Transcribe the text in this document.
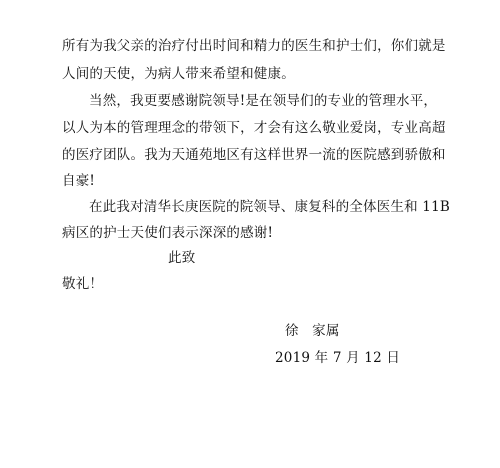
所有为我父亲的治疗付出时间和精力的医生和护士们，你们就是
人间的天使，为病人带来希望和健康。
当然，我更要感谢院领导!是在领导们的专业的管理水平，
以人为本的管理理念的带领下，才会有这么敬业爱岗，专业高超
的医疗团队。我为天通苑地区有这样世界一流的医院感到骄傲和
自豪!
在此我对清华长庚医院的院领导、康复科的全体医生和 11B
病区的护士天使们表示深深的感谢!
此致
敬礼！
徐   家属
2019 年 7 月 12 日
